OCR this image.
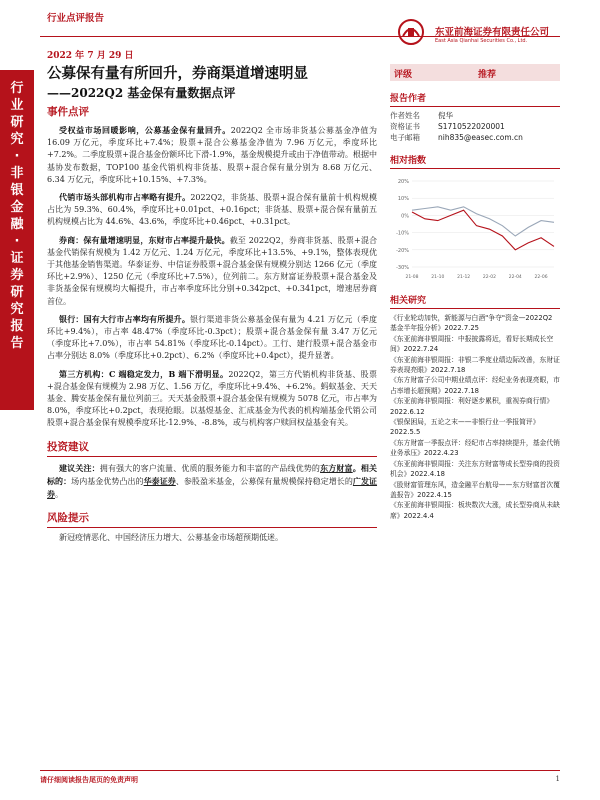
行业点评报告
2022 年 7 月 29 日
东亚前海证券有限责任公司
East Asia Qianhai Securities Co., Ltd.
行
业
研
究
·
非
银
金
融
·
证
券
研
究
报
告
公募保有量有所回升，券商渠道增速明显
——2022Q2 基金保有量数据点评
事件点评
受权益市场回暖影响，公募基金保有量回升。2022Q2 全市场非货基公募基金净值为 16.09 万亿元，季度环比+7.4%；股票+混合公募基金净值为 7.96 万亿元，季度环比+7.2%。二季度股票+混合基金份额环比下滑-1.9%，基金规模提升或由于净值带动。根据中基协发布数据，TOP100 基金代销机构非货基、股票+混合保有量分别为 8.68 万亿元、6.34 万亿元，季度环比+10.15%、+7.3%。
代销市场头部机构市占率略有提升。2022Q2，非货基、股票+混合保有量前十机构规模占比为 59.3%、60.4%，季度环比+0.01pct、+0.16pct；非货基、股票+混合保有量前五机构规模占比为 44.6%、43.6%，季度环比+0.46pct、+0.31pct。
券商：保有量增速明显，东财市占率提升最快。截至 2022Q2，券商非货基、股票+混合基金代销保有规模为 1.42 万亿元、1.24 万亿元，季度环比+13.5%、+9.1%，整体表现优于其他基金销售渠道。华泰证券、中信证券股票+混合基金保有规模分别达 1266 亿元（季度环比+2.9%）、1250 亿元（季度环比+7.5%），位列前二。东方财富证券股票+混合基金及非货基金保有规模均大幅提升，市占率季度环比分别+0.342pct、+0.341pct，增速居券商首位。
银行：国有大行市占率均有所提升。银行渠道非货公募基金保有量为 4.21 万亿元（季度环比+9.4%），市占率 48.47%（季度环比-0.3pct）；股票+混合基金保有量 3.47 万亿元（季度环比+7.0%），市占率 54.81%（季度环比-0.14pct）。工行、建行股票+混合基金市占率分别达 8.0%（季度环比+0.2pct）、6.2%（季度环比+0.4pct），提升显著。
第三方机构：C 端稳定发力，B 端下滑明显。2022Q2，第三方代销机构非货基、股票+混合基金保有规模为 2.98 万亿、1.56 万亿，季度环比+9.4%、+6.2%。蚂蚁基金、天天基金、腾安基金保有量位列前三。天天基金股票+混合基金保有规模为 5078 亿元，市占率为 8.0%，季度环比+0.2pct，表现抢眼。以基煜基金、汇成基金为代表的机构端基金代销公司股票+混合基金保有规模季度环比-12.9%、-8.8%，或与机构客户赎回权益基金有关。
投资建议
建议关注：拥有强大的客户流量、优质的服务能力和丰富的产品线优势的东方财富。相关标的：场内基金优势凸出的华泰证券、参股盈米基金，公募保有量规模保持稳定增长的广发证券。
风险提示
新冠疫情恶化、中国经济压力增大、公募基金市场超预期低迷。
评级	推荐
报告作者
作者姓名	倪华
资格证书	S1710522020001
电子邮箱	nih835@easec.com.cn
相对指数
20%
10%
0%
-10%
-20%
-30%
21-08	21-10	21-12	22-02	22-04	22-06
相关研究
《行业轮动加快，新能源与白酒"争夺"资金—2022Q2 基金半年报分析》2022.7.25
《东亚前海非银周报：中报披露将近，看好长期成长空间》2022.7.24
《东亚前海非银周报：非银二季度业绩边际改善，东财证券表现亮眼》2022.7.18
《东方财富子公司中期业绩点评：经纪业务表现亮眼，市占率增长超预期》2022.7.18
《东亚前海非银周报：利好逐步累积，重视券商行情》2022.6.12
《银保困局，五论之末——非银行业一季报简评》2022.5.5
《东方财富一季报点评：经纪市占率持续提升，基金代销业务承压》2022.4.23
《东亚前海非银周报：关注东方财富等成长型券商的投资机会》2022.4.18
《股财富管理东风，造金融平台航母——东方财富首次覆盖报告》2022.4.15
《东亚前海非银周报：板块数次大涨，成长型券商从未缺席》2022.4.4
请仔细阅读报告尾页的免责声明	1
